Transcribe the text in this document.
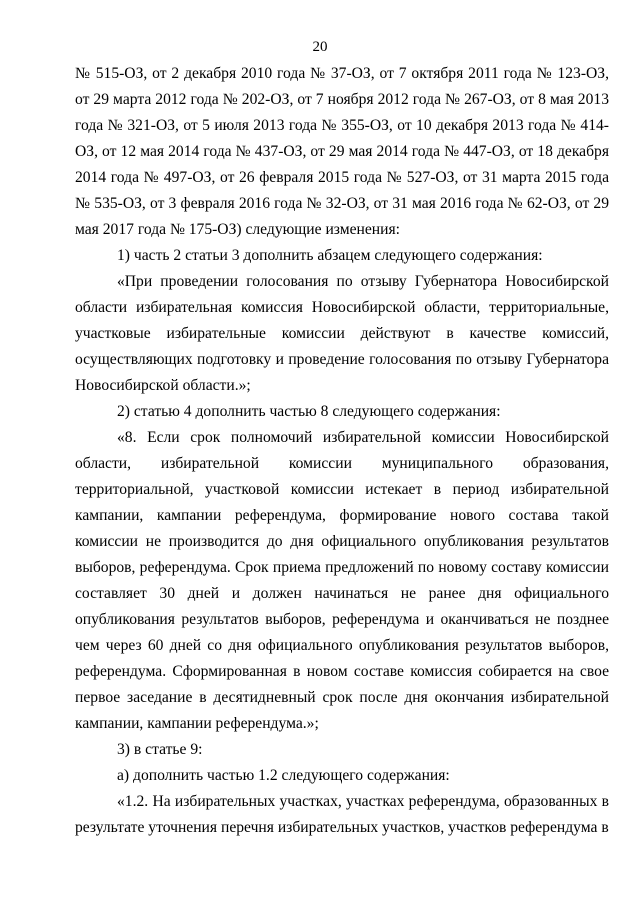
20

№ 515-ОЗ, от 2 декабря 2010 года № 37-ОЗ, от 7 октября 2011 года № 123-ОЗ, от 29 марта 2012 года № 202-ОЗ, от 7 ноября 2012 года № 267-ОЗ, от 8 мая 2013 года № 321-ОЗ, от 5 июля 2013 года № 355-ОЗ, от 10 декабря 2013 года № 414-ОЗ, от 12 мая 2014 года № 437-ОЗ, от 29 мая 2014 года № 447-ОЗ, от 18 декабря 2014 года № 497-ОЗ, от 26 февраля 2015 года № 527-ОЗ, от 31 марта 2015 года № 535-ОЗ, от 3 февраля 2016 года № 32-ОЗ, от 31 мая 2016 года № 62-ОЗ, от 29 мая 2017 года № 175-ОЗ) следующие изменения:

1) часть 2 статьи 3 дополнить абзацем следующего содержания:

«При проведении голосования по отзыву Губернатора Новосибирской области избирательная комиссия Новосибирской области, территориальные, участковые избирательные комиссии действуют в качестве комиссий, осуществляющих подготовку и проведение голосования по отзыву Губернатора Новосибирской области.»;

2) статью 4 дополнить частью 8 следующего содержания:

«8. Если срок полномочий избирательной комиссии Новосибирской области, избирательной комиссии муниципального образования, территориальной, участковой комиссии истекает в период избирательной кампании, кампании референдума, формирование нового состава такой комиссии не производится до дня официального опубликования результатов выборов, референдума. Срок приема предложений по новому составу комиссии составляет 30 дней и должен начинаться не ранее дня официального опубликования результатов выборов, референдума и оканчиваться не позднее чем через 60 дней со дня официального опубликования результатов выборов, референдума. Сформированная в новом составе комиссия собирается на свое первое заседание в десятидневный срок после дня окончания избирательной кампании, кампании референдума.»;

3) в статье 9:

а) дополнить частью 1.2 следующего содержания:

«1.2. На избирательных участках, участках референдума, образованных в результате уточнения перечня избирательных участков, участков референдума в
